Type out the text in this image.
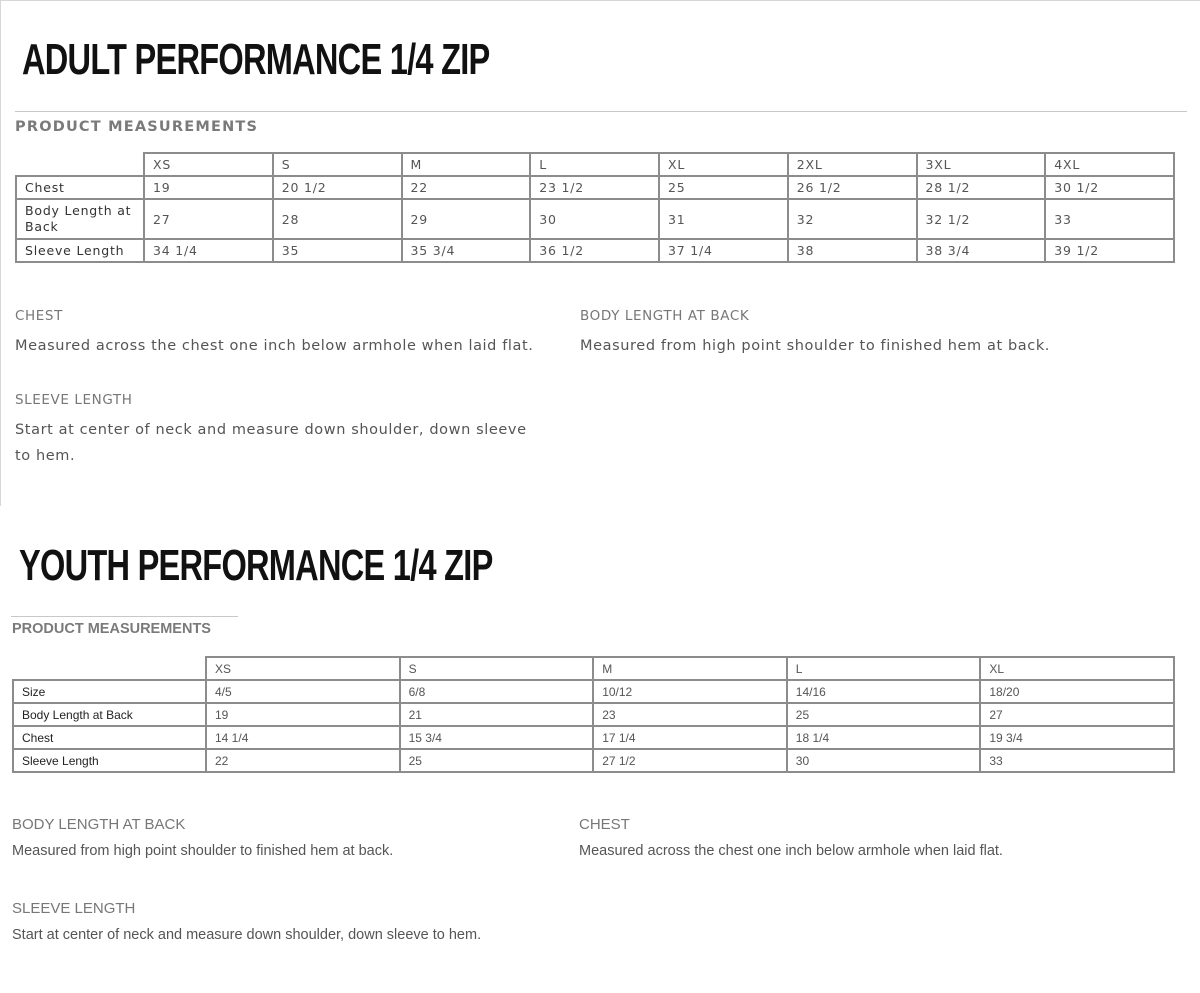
ADULT PERFORMANCE 1/4 ZIP
PRODUCT MEASUREMENTS
	XS	S	M	L	XL	2XL	3XL	4XL
Chest	19	20 1/2	22	23 1/2	25	26 1/2	28 1/2	30 1/2
Body Length at Back	27	28	29	30	31	32	32 1/2	33
Sleeve Length	34 1/4	35	35 3/4	36 1/2	37 1/4	38	38 3/4	39 1/2

CHEST

Measured across the chest one inch below armhole when laid flat.

BODY LENGTH AT BACK

Measured from high point shoulder to finished hem at back.

SLEEVE LENGTH

Start at center of neck and measure down shoulder, down sleeve to hem.

YOUTH PERFORMANCE 1/4 ZIP
PRODUCT MEASUREMENTS
	XS	S	M	L	XL
Size	4/5	6/8	10/12	14/16	18/20
Body Length at Back	19	21	23	25	27
Chest	14 1/4	15 3/4	17 1/4	18 1/4	19 3/4
Sleeve Length	22	25	27 1/2	30	33

BODY LENGTH AT BACK

Measured from high point shoulder to finished hem at back.

CHEST

Measured across the chest one inch below armhole when laid flat.

SLEEVE LENGTH

Start at center of neck and measure down shoulder, down sleeve to hem.
